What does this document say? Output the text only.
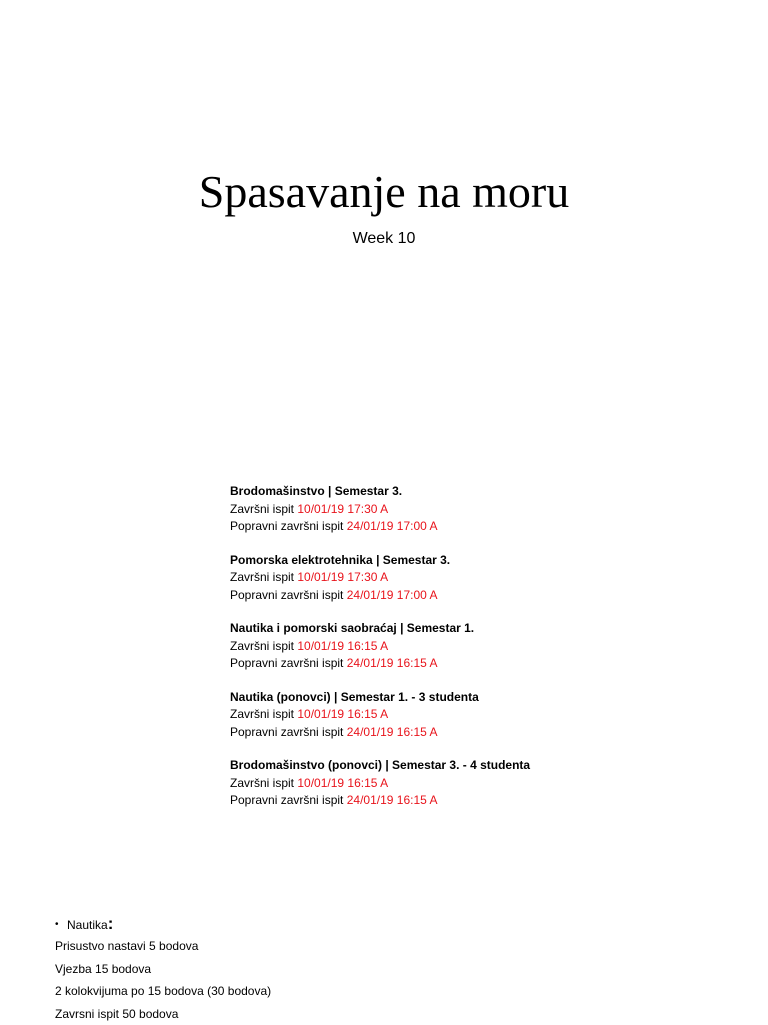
Spasavanje na moru
Week 10
Brodomašinstvo | Semestar 3.
Završni ispit 10/01/19 17:30 A
Popravni završni ispit 24/01/19 17:00 A
Pomorska elektrotehnika | Semestar 3.
Završni ispit 10/01/19 17:30 A
Popravni završni ispit 24/01/19 17:00 A
Nautika i pomorski saobraćaj | Semestar 1.
Završni ispit 10/01/19 16:15 A
Popravni završni ispit 24/01/19 16:15 A
Nautika (ponovci) | Semestar 1. - 3 studenta
Završni ispit 10/01/19 16:15 A
Popravni završni ispit 24/01/19 16:15 A
Brodomašinstvo (ponovci) | Semestar 3. - 4 studenta
Završni ispit 10/01/19 16:15 A
Popravni završni ispit 24/01/19 16:15 A
• Nautika:
Prisustvo nastavi 5 bodova
Vjezba 15 bodova
2 kolokvijuma po 15 bodova (30 bodova)
Zavrsni ispit 50 bodova
